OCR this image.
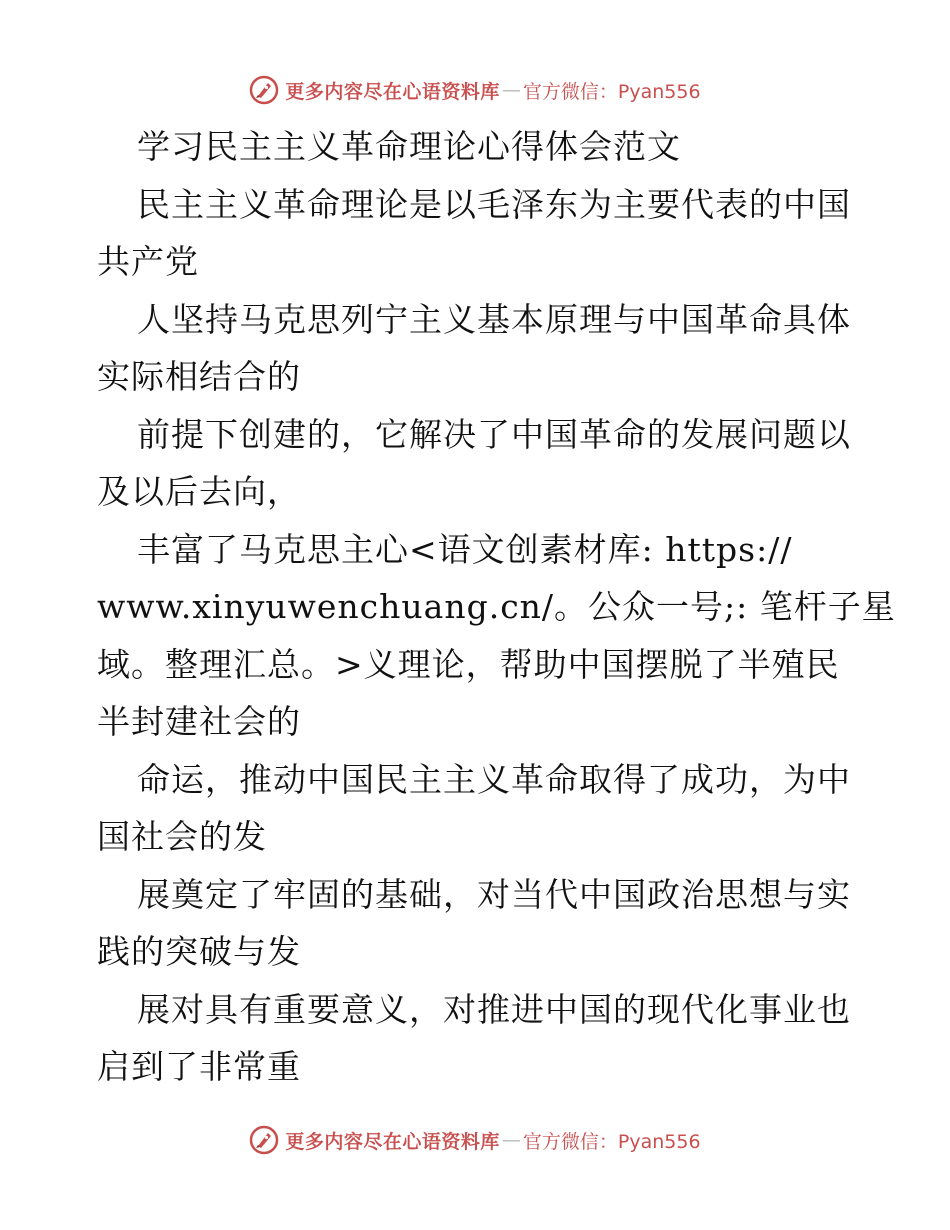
更多内容尽在心语资料库 — 官方微信：Pyan556
学习民主主义革命理论心得体会范文
民主主义革命理论是以毛泽东为主要代表的中国
共产党
人坚持马克思列宁主义基本原理与中国革命具体
实际相结合的
前提下创建的，它解决了中国革命的发展问题以
及以后去向，
丰富了马克思主心<语文创素材库: https://
www.xinyuwenchuang.cn/。公众一号;: 笔杆子星
域。整理汇总。>义理论，帮助中国摆脱了半殖民
半封建社会的
命运，推动中国民主主义革命取得了成功，为中
国社会的发
展奠定了牢固的基础，对当代中国政治思想与实
践的突破与发
展对具有重要意义，对推进中国的现代化事业也
启到了非常重
更多内容尽在心语资料库 — 官方微信：Pyan556
